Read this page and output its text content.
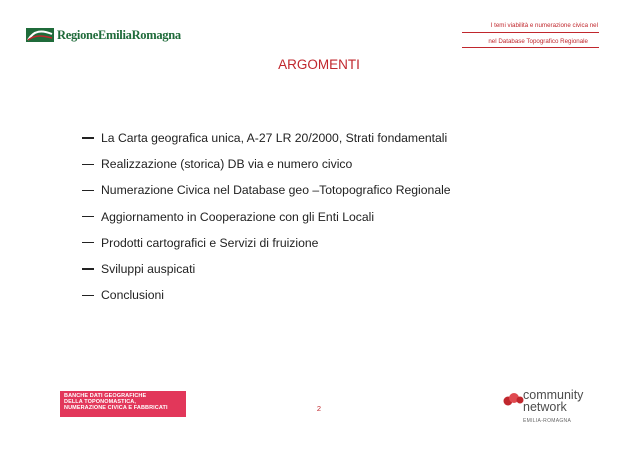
RegioneEmiliaRomagna
I temi viabilità e numerazione civica nel
nel Database Topografico Regionale
ARGOMENTI
La Carta geografica unica, A-27 LR 20/2000, Strati fondamentali
Realizzazione (storica) DB via e numero civico
Numerazione Civica nel Database geo –Totopografico Regionale
Aggiornamento in Cooperazione con gli Enti Locali
Prodotti cartografici e Servizi di fruizione
Sviluppi auspicati
Conclusioni
BANCHE DATI GEOGRAFICHE
DELLA TOPONOMASTICA,
NUMERAZIONE CIVICA E FABBRICATI	2
community
network
EMILIA-ROMAGNA
